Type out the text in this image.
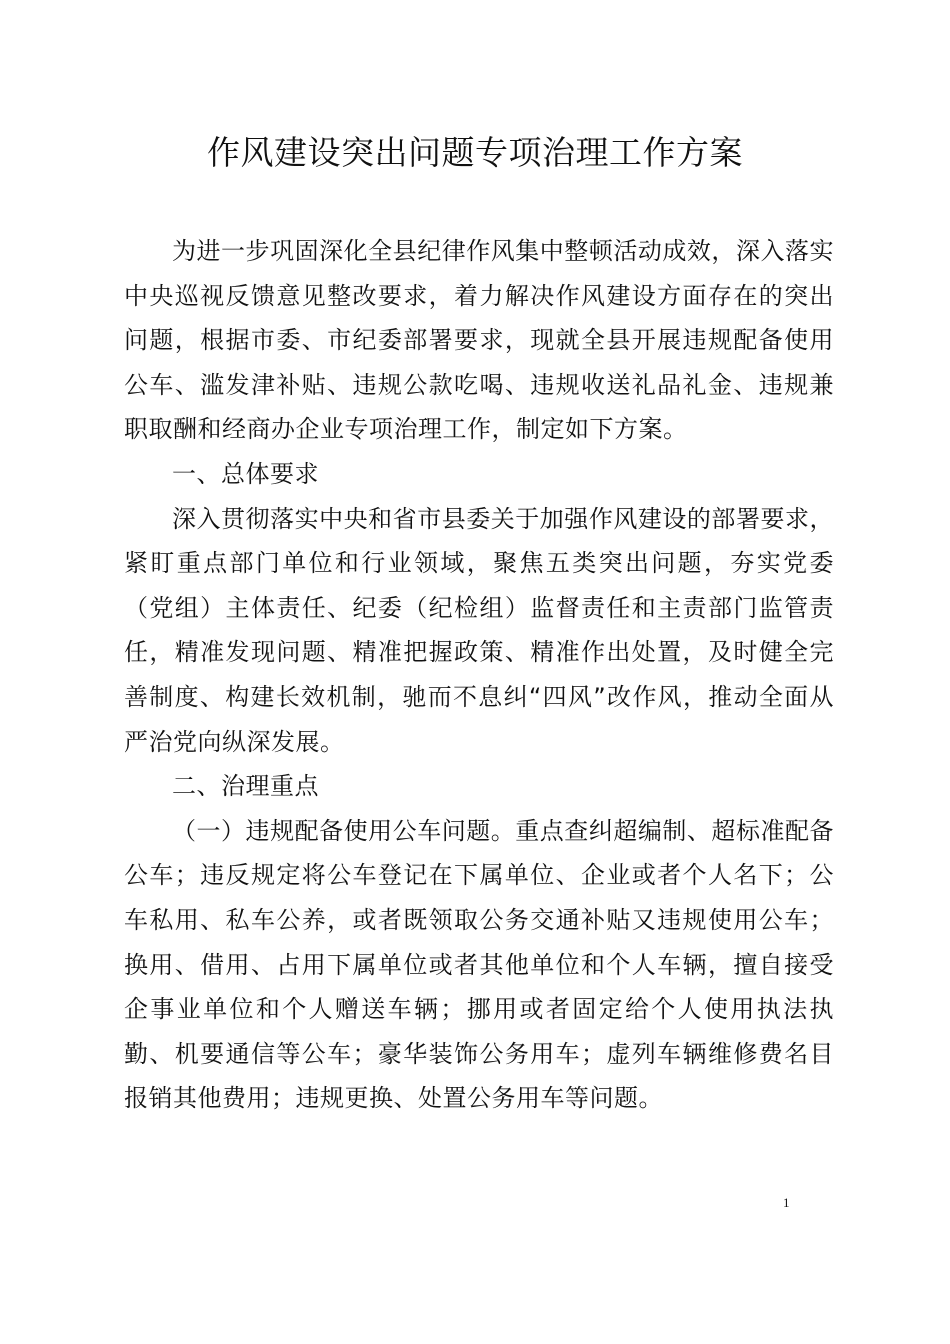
作风建设突出问题专项治理工作方案

为进一步巩固深化全县纪律作风集中整顿活动成效，深入落实中央巡视反馈意见整改要求，着力解决作风建设方面存在的突出问题，根据市委、市纪委部署要求，现就全县开展违规配备使用公车、滥发津补贴、违规公款吃喝、违规收送礼品礼金、违规兼职取酬和经商办企业专项治理工作，制定如下方案。

一、总体要求

深入贯彻落实中央和省市县委关于加强作风建设的部署要求，紧盯重点部门单位和行业领域，聚焦五类突出问题，夯实党委（党组）主体责任、纪委（纪检组）监督责任和主责部门监管责任，精准发现问题、精准把握政策、精准作出处置，及时健全完善制度、构建长效机制，驰而不息纠“四风”改作风，推动全面从严治党向纵深发展。

二、治理重点

（一）违规配备使用公车问题。重点查纠超编制、超标准配备公车；违反规定将公车登记在下属单位、企业或者个人名下；公车私用、私车公养，或者既领取公务交通补贴又违规使用公车；换用、借用、占用下属单位或者其他单位和个人车辆，擅自接受企事业单位和个人赠送车辆；挪用或者固定给个人使用执法执勤、机要通信等公车；豪华装饰公务用车；虚列车辆维修费名目报销其他费用；违规更换、处置公务用车等问题。

1
